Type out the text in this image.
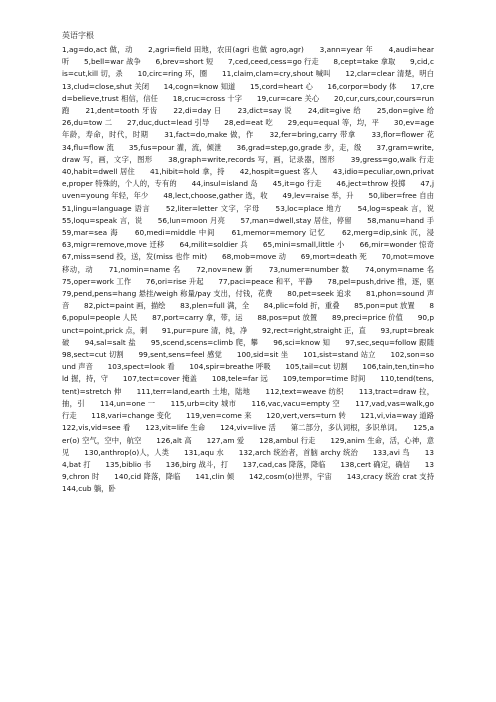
英语字根
1,ag=do,act 做，动　　2,agri=field 田地，农田(agri 也做 agro,agr)　　3,ann=year 年　　4,audi=hear 听　　5,bell=war 战争　　6,brev=short 短　　7,ced,ceed,cess=go 行走　　8,cept=take 拿取　　9,cid,cis=cut,kill 切，杀　　10,circ=ring 环，圈　　11,claim,clam=cry,shout 喊叫　　12,clar=clear 清楚，明白　　13,clud=close,shut 关闭　　14,cogn=know 知道　　15,cord=heart 心　　16,corpor=body 体　　17,cred=believe,trust 相信，信任　　18,cruc=cross 十字　　19,cur=care 关心　　20,cur,curs,cour,cours=run 跑　　21,dent=tooth 牙齿　　22,di=day 日　　23,dict=say 说　　24,dit=give 给　　25,don=give 给　　26,du=tow 二　　27,duc,duct=lead 引导　　28,ed=eat 吃　　29,equ=equal 等，均，平　　30,ev=age 年龄，寿命，时代，时期　　31,fact=do,make 做，作　　32,fer=bring,carry 带拿　　33,flor=flower 花　　34,flu=flow 流　　35,fus=pour 灌，流，倾泄　　36,grad=step,go,grade 步，走，级　　37,gram=write,draw 写，画，文字，图形　　38,graph=write,records 写，画，记录器，图形　　39,gress=go,walk 行走　　40,habit=dwell 居住　　41,hibit=hold 拿，持　　42,hospit=guest 客人　　43,idio=peculiar,own,private,proper 特殊的，个人的，专有的　　44,insul=island 岛　　45,it=go 行走　　46,ject=throw 投掷　　47,juven=young 年轻，年少　　48,lect,choose,gather 选，收　　49,lev=raise 举，升　　50,liber=free 自由　　51,lingu=language 语言　　52,liter=letter 文字，字母　　53,loc=place 地方　　54,log=speak 言，说　　55,loqu=speak 言，说　　56,lun=moon 月亮　　57,man=dwell,stay 居住，停留　　58,manu=hand 手　　59,mar=sea 海　　60,medi=middle 中间　　61,memor=memory 记忆　　62,merg=dip,sink 沉，浸　　63,migr=remove,move 迁移　　64,milit=soldier 兵　　65,mini=small,little 小　　66,mir=wonder 惊奇　　67,miss=send 投，送，发(miss 也作 mit)　　68,mob=move 动　　69,mort=death 死　　70,mot=move 移动，动　　71,nomin=name 名　　72,nov=new 新　　73,numer=number 数　　74,onym=name 名　　75,oper=work 工作　　76,ori=rise 升起　　77,paci=peace 和平，平静　　78,pel=push,drive 推，逐，驱　　79,pend,pens=hang 悬挂/weigh 称量/pay 支出，付钱，花费　　80,pet=seek 追求　　81,phon=sound 声音　　82,pict=paint 画，描绘　　83,plen=full 满，全　　84,plic=fold 折，重叠　　85,pon=put 放置　　86,popul=people 人民　　87,port=carry 拿，带，运　　88,pos=put 放置　　89,preci=price 价值　　90,punct=point,prick 点，刺　　91,pur=pure 清，纯，净　　92,rect=right,straight 正，直　　93,rupt=break 破　　94,sal=salt 盐　　95,scend,scens=climb 爬，攀　　96,sci=know 知　　97,sec,sequ=follow 跟随　　98,sect=cut 切割　　99,sent,sens=feel 感觉　　100,sid=sit 坐　　101,sist=stand 站立　　102,son=sound 声音　　103,spect=look 看　　104,spir=breathe 呼吸　　105,tail=cut 切割　　106,tain,ten,tin=hold 握，持，守　　107,tect=cover 掩盖　　108,tele=far 远　　109,tempor=time 时间　　110,tend(tens,tent)=stretch 伸　　111,terr=land,earth 土地，陆地　　112,text=weave 纺织　　113,tract=draw 拉，抽，引　　114,un=one 一　　115,urb=city 城市　　116,vac,vacu=empty 空　　117,vad,vas=walk,go 行走　　118,vari=change 变化　　119,ven=come 来　　120,vert,vers=turn 转　　121,vi,via=way 道路　　122,vis,vid=see 看　　123,vit=life 生命　　124,viv=live 活　　第二部分，多认词根，多识单词。　　125,aer(o) 空气，空中，航空　　126,alt 高　　127,am 爱　　128,ambul 行走　　129,anim 生命，活，心神，意见　　130,anthrop(o)人，人类　　131,aqu 水　　132,arch 统治者，首脑 archy 统治　　133,avi 鸟　　134,bat 打　　135,biblio 书　　136,birg 战斗，打　　137,cad,cas 降落，降临　　138,cert 确定，确信　　139,chron 时　　140,cid 降落，降临　　141,clin 倾　　142,cosm(o)世界，宇宙　　143,cracy 统治 crat 支持　　144,cub 躺，卧
